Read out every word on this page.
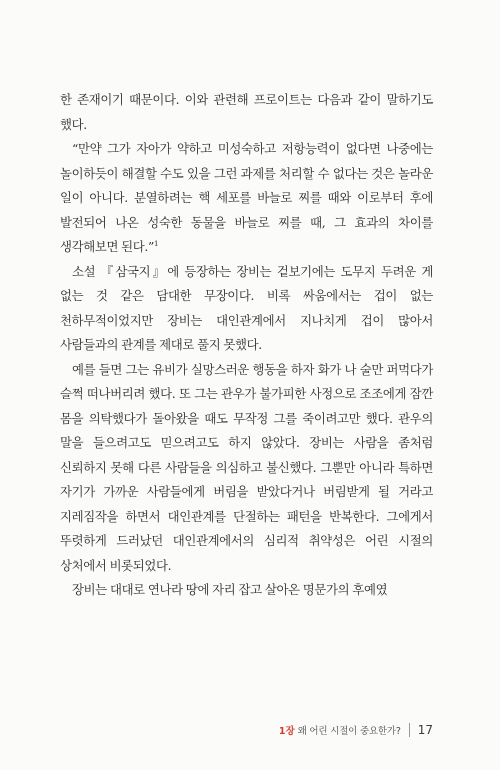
한 존재이기 때문이다. 이와 관련해 프로이트는 다음과 같이 말하기도 했다.

“만약 그가 자아가 약하고 미성숙하고 저항능력이 없다면 나중에는 놀이하듯이 해결할 수도 있을 그런 과제를 처리할 수 없다는 것은 놀라운 일이 아니다. 분열하려는 핵 세포를 바늘로 찌를 때와 이로부터 후에 발전되어 나온 성숙한 동물을 바늘로 찌를 때, 그 효과의 차이를 생각해보면 된다.”$^1$

소설 『삼국지』에 등장하는 장비는 겉보기에는 도무지 두려운 게 없는 것 같은 담대한 무장이다. 비록 싸움에서는 겁이 없는 천하무적이었지만 장비는 대인관계에서 지나치게 겁이 많아서 사람들과의 관계를 제대로 풀지 못했다.

예를 들면 그는 유비가 실망스러운 행동을 하자 화가 나 술만 퍼먹다가 슬쩍 떠나버리려 했다. 또 그는 관우가 불가피한 사정으로 조조에게 잠깐 몸을 의탁했다가 돌아왔을 때도 무작정 그를 죽이려고만 했다. 관우의 말을 들으려고도 믿으려고도 하지 않았다. 장비는 사람을 좀처럼 신뢰하지 못해 다른 사람들을 의심하고 불신했다. 그뿐만 아니라 특하면 자기가 가까운 사람들에게 버림을 받았다거나 버림받게 될 거라고 지레짐작을 하면서 대인관계를 단절하는 패턴을 반복한다. 그에게서 뚜렷하게 드러났던 대인관계에서의 심리적 취약성은 어린 시절의 상처에서 비롯되었다.

장비는 대대로 연나라 땅에 자리 잡고 살아온 명문가의 후예였

1장 왜 어린 시절이 중요한가? 17
